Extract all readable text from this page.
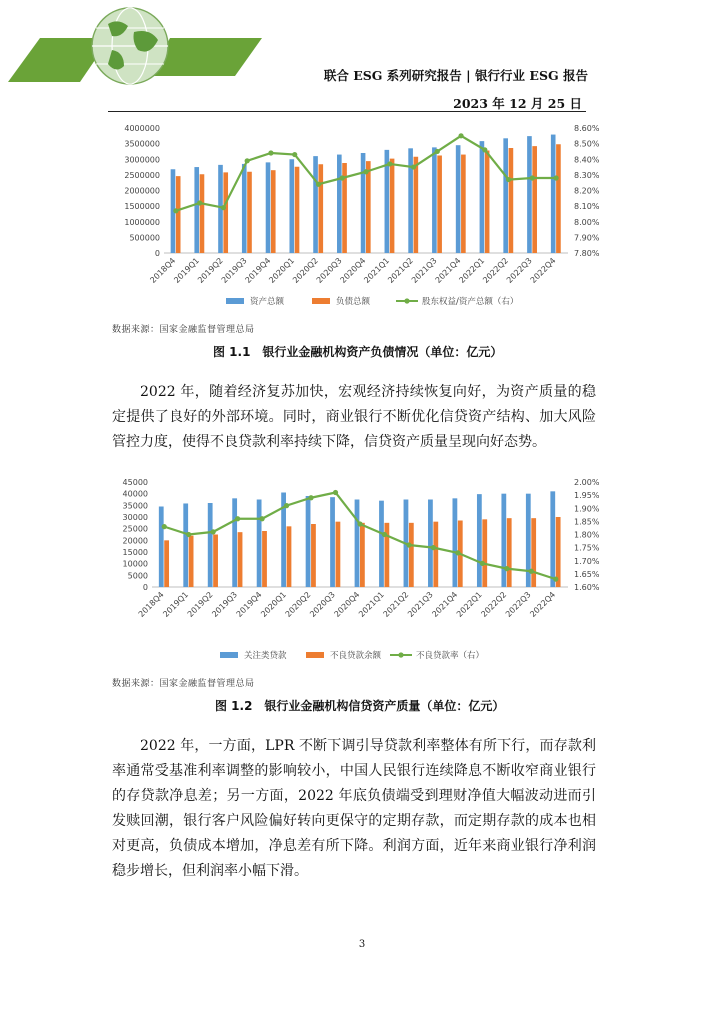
联合 ESG 系列研究报告 | 银行行业 ESG 报告
2023 年 12 月 25 日
4000000
3500000
3000000
2500000
2000000
1500000
1000000
500000
0
8.60%
8.50%
8.40%
8.30%
8.20%
8.10%
8.00%
7.90%
7.80%
2018Q4
2019Q1
2019Q2
2019Q3
2019Q4
2020Q1
2020Q2
2020Q3
2020Q4
2021Q1
2021Q2
2021Q3
2021Q4
2022Q1
2022Q2
2022Q3
2022Q4
资产总额	负债总额	股东权益/资产总额（右）
数据来源：国家金融监督管理总局
图 1.1　银行业金融机构资产负债情况（单位：亿元）
2022 年，随着经济复苏加快，宏观经济持续恢复向好，为资产质量的稳定提供了良好的外部环境。同时，商业银行不断优化信贷资产结构、加大风险管控力度，使得不良贷款利率持续下降，信贷资产质量呈现向好态势。
45000
40000
35000
30000
25000
20000
15000
10000
5000
0
2.00%
1.95%
1.90%
1.85%
1.80%
1.75%
1.70%
1.65%
1.60%
2018Q4
2019Q1
2019Q2
2019Q3
2019Q4
2020Q1
2020Q2
2020Q3
2020Q4
2021Q1
2021Q2
2021Q3
2021Q4
2022Q1
2022Q2
2022Q3
2022Q4
关注类贷款	不良贷款余额	不良贷款率（右）
数据来源：国家金融监督管理总局
图 1.2　银行业金融机构信贷资产质量（单位：亿元）
2022 年，一方面，LPR 不断下调引导贷款利率整体有所下行，而存款利率通常受基准利率调整的影响较小，中国人民银行连续降息不断收窄商业银行的存贷款净息差；另一方面，2022 年底负债端受到理财净值大幅波动进而引发赎回潮，银行客户风险偏好转向更保守的定期存款，而定期存款的成本也相对更高，负债成本增加，净息差有所下降。利润方面，近年来商业银行净利润稳步增长，但利润率小幅下滑。
3
